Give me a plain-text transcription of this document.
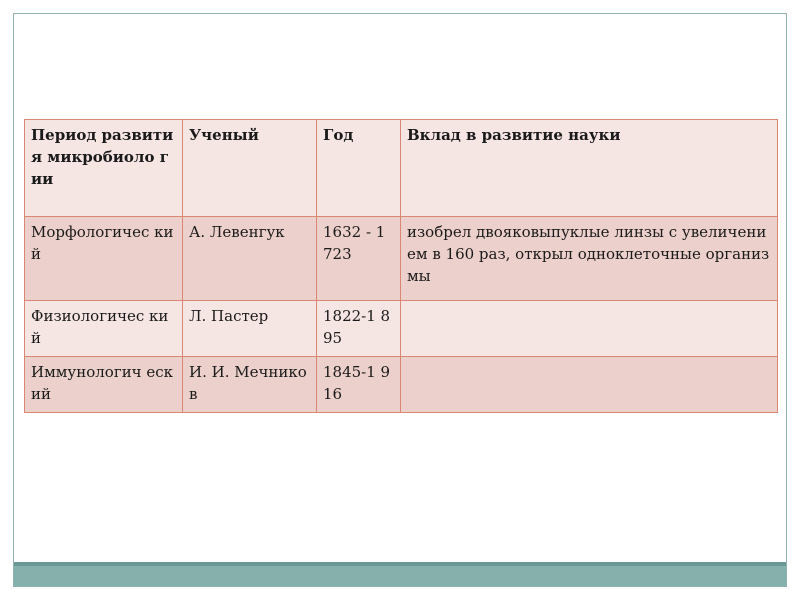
Период развития микробиоло гии	Ученый	Год	Вклад в развитие науки
Морфологичес кий	А. Левенгук	1632 - 1723	изобрел двояковыпуклые линзы с увеличением в 160 раз, открыл одноклеточные организмы
Физиологичес кий	Л. Пастер	1822-1 895	
Иммунологич еский	И. И. Мечников	1845-1 916	
